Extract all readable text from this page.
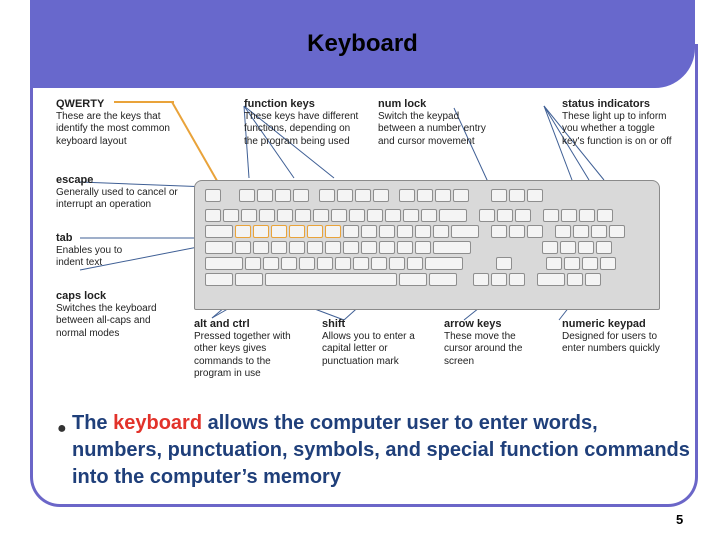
Keyboard
QWERTY
These are the keys that identify the most common keyboard layout
escape
Generally used to cancel or interrupt an operation
tab
Enables you to indent text
caps lock
Switches the keyboard between all-caps and normal modes
function keys
These keys have different functions, depending on the program being used
num lock
Switch the keypad between a number entry and cursor movement
status indicators
These light up to inform you whether a toggle key's function is on or off
alt and ctrl
Pressed together with other keys gives commands to the program in use
shift
Allows you to enter a capital letter or punctuation mark
arrow keys
These move the cursor around the screen
numeric keypad
Designed for users to enter numbers quickly
● The keyboard allows the computer user to enter words, numbers, punctuation, symbols, and special function commands into the computer’s memory
5
